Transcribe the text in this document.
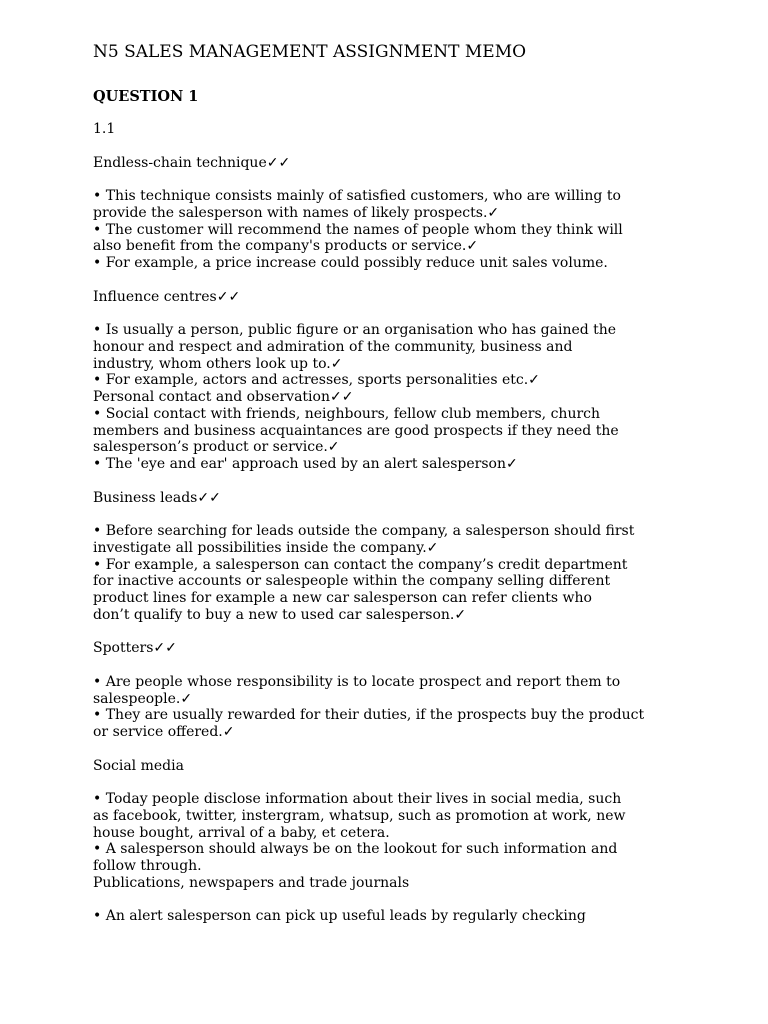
N5 SALES MANAGEMENT ASSIGNMENT MEMO
QUESTION 1
1.1
Endless-chain technique✓✓
• This technique consists mainly of satisfied customers, who are willing to
provide the salesperson with names of likely prospects.✓
• The customer will recommend the names of people whom they think will
also benefit from the company's products or service.✓
• For example, a price increase could possibly reduce unit sales volume.
Influence centres✓✓
• Is usually a person, public figure or an organisation who has gained the
honour and respect and admiration of the community, business and
industry, whom others look up to.✓
• For example, actors and actresses, sports personalities etc.✓
Personal contact and observation✓✓
• Social contact with friends, neighbours, fellow club members, church
members and business acquaintances are good prospects if they need the
salesperson’s product or service.✓
• The 'eye and ear' approach used by an alert salesperson✓
Business leads✓✓
• Before searching for leads outside the company, a salesperson should first
investigate all possibilities inside the company.✓
• For example, a salesperson can contact the company’s credit department
for inactive accounts or salespeople within the company selling different
product lines for example a new car salesperson can refer clients who
don’t qualify to buy a new to used car salesperson.✓
Spotters✓✓
• Are people whose responsibility is to locate prospect and report them to
salespeople.✓
• They are usually rewarded for their duties, if the prospects buy the product
or service offered.✓
Social media
• Today people disclose information about their lives in social media, such
as facebook, twitter, instergram, whatsup, such as promotion at work, new
house bought, arrival of a baby, et cetera.
• A salesperson should always be on the lookout for such information and
follow through.
Publications, newspapers and trade journals
• An alert salesperson can pick up useful leads by regularly checking
